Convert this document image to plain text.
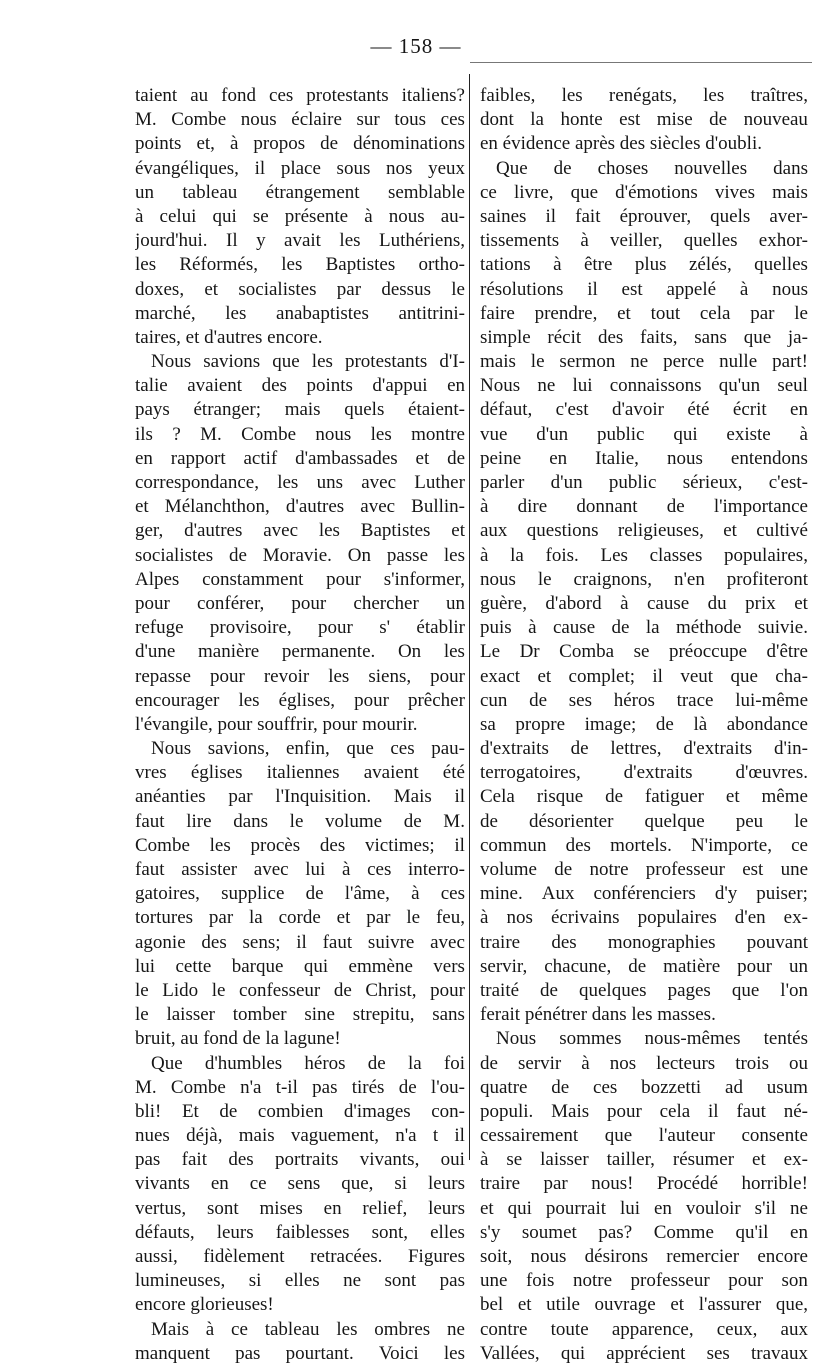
— 158 —
taient au fond ces protestants italiens?
M. Combe nous éclaire sur tous ces
points et, à propos de dénominations
évangéliques, il place sous nos yeux
un tableau étrangement semblable
à celui qui se présente à nous au-
jourd'hui. Il y avait les Luthériens,
les Réformés, les Baptistes ortho-
doxes, et socialistes par dessus le
marché, les anabaptistes antitrini-
taires, et d'autres encore.
Nous savions que les protestants d'I-
talie avaient des points d'appui en
pays étranger; mais quels étaient-
ils ? M. Combe nous les montre
en rapport actif d'ambassades et de
correspondance, les uns avec Luther
et Mélanchthon, d'autres avec Bullin-
ger, d'autres avec les Baptistes et
socialistes de Moravie. On passe les
Alpes constamment pour s'informer,
pour conférer, pour chercher un
refuge provisoire, pour s' établir
d'une manière permanente. On les
repasse pour revoir les siens, pour
encourager les églises, pour prêcher
l'évangile, pour souffrir, pour mourir.
Nous savions, enfin, que ces pau-
vres églises italiennes avaient été
anéanties par l'Inquisition. Mais il
faut lire dans le volume de M.
Combe les procès des victimes; il
faut assister avec lui à ces interro-
gatoires, supplice de l'âme, à ces
tortures par la corde et par le feu,
agonie des sens; il faut suivre avec
lui cette barque qui emmène vers
le Lido le confesseur de Christ, pour
le laisser tomber sine strepitu, sans
bruit, au fond de la lagune!
Que d'humbles héros de la foi
M. Combe n'a t-il pas tirés de l'ou-
bli! Et de combien d'images con-
nues déjà, mais vaguement, n'a t il
pas fait des portraits vivants, oui
vivants en ce sens que, si leurs
vertus, sont mises en relief, leurs
défauts, leurs faiblesses sont, elles
aussi, fidèlement retracées. Figures
lumineuses, si elles ne sont pas
encore glorieuses!
Mais à ce tableau les ombres ne
manquent pas pourtant. Voici les
faibles, les renégats, les traîtres,
dont la honte est mise de nouveau
en évidence après des siècles d'oubli.
Que de choses nouvelles dans
ce livre, que d'émotions vives mais
saines il fait éprouver, quels aver-
tissements à veiller, quelles exhor-
tations à être plus zélés, quelles
résolutions il est appelé à nous
faire prendre, et tout cela par le
simple récit des faits, sans que ja-
mais le sermon ne perce nulle part!
Nous ne lui connaissons qu'un seul
défaut, c'est d'avoir été écrit en
vue d'un public qui existe à
peine en Italie, nous entendons
parler d'un public sérieux, c'est-
à dire donnant de l'importance
aux questions religieuses, et cultivé
à la fois. Les classes populaires,
nous le craignons, n'en profiteront
guère, d'abord à cause du prix et
puis à cause de la méthode suivie.
Le Dr Comba se préoccupe d'être
exact et complet; il veut que cha-
cun de ses héros trace lui-même
sa propre image; de là abondance
d'extraits de lettres, d'extraits d'in-
terrogatoires, d'extraits d'œuvres.
Cela risque de fatiguer et même
de désorienter quelque peu le
commun des mortels. N'importe, ce
volume de notre professeur est une
mine. Aux conférenciers d'y puiser;
à nos écrivains populaires d'en ex-
traire des monographies pouvant
servir, chacune, de matière pour un
traité de quelques pages que l'on
ferait pénétrer dans les masses.
Nous sommes nous-mêmes tentés
de servir à nos lecteurs trois ou
quatre de ces bozzetti ad usum
populi. Mais pour cela il faut né-
cessairement que l'auteur consente
à se laisser tailler, résumer et ex-
traire par nous! Procédé horrible!
et qui pourrait lui en vouloir s'il ne
s'y soumet pas? Comme qu'il en
soit, nous désirons remercier encore
une fois notre professeur pour son
bel et utile ouvrage et l'assurer que,
contre toute apparence, ceux, aux
Vallées, qui apprécient ses travaux
